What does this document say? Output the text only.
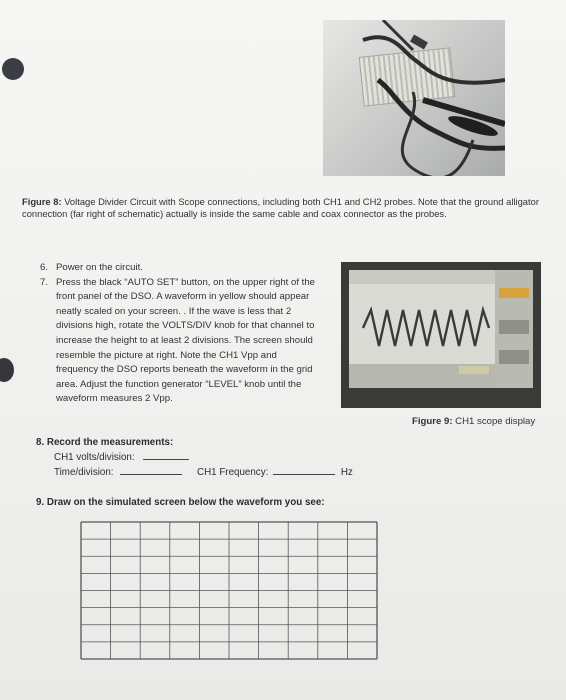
Figure 8: Voltage Divider Circuit with Scope connections, including both CH1 and CH2 probes. Note that the ground alligator connection (far right of schematic) actually is inside the same cable and coax connector as the probes.
6. Power on the circuit.
7. Press the black “AUTO SET” button, on the upper right of the front panel of the DSO. A waveform in yellow should appear neatly scaled on your screen. . If the wave is less that 2 divisions high, rotate the VOLTS/DIV knob for that channel to increase the height to at least 2 divisions. The screen should resemble the picture at right. Note the CH1 Vpp and frequency the DSO reports beneath the waveform in the grid area. Adjust the function generator “LEVEL” knob until the waveform measures 2 Vpp.
Figure 9: CH1 scope display
8. Record the measurements:
CH1 volts/division:
Time/division:	CH1 Frequency:	Hz
9. Draw on the simulated screen below the waveform you see:
